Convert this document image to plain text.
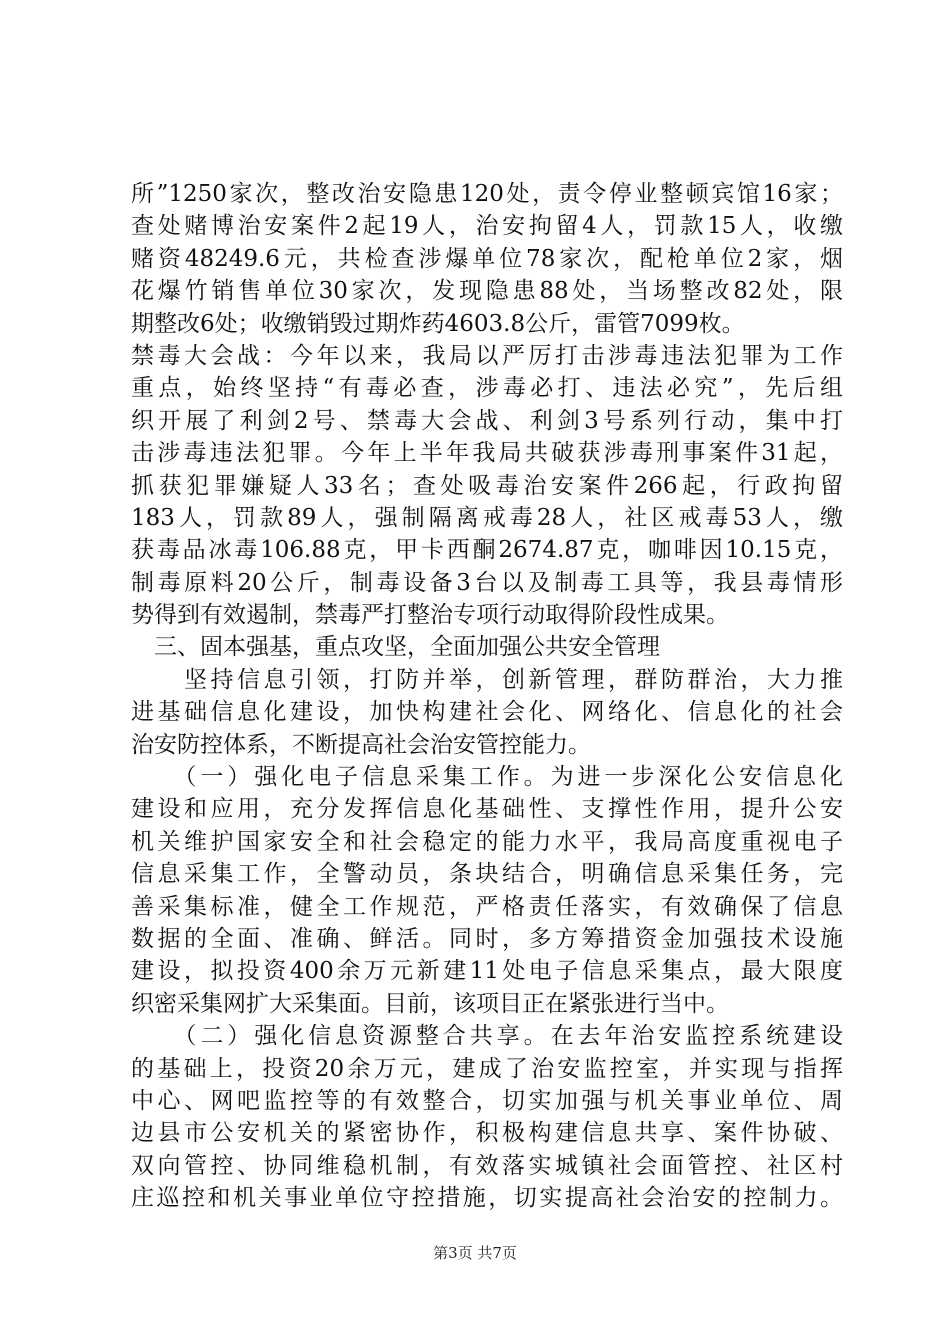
所”1250家次，整改治安隐患120处，责令停业整顿宾馆16家；
查处赌博治安案件2起19人，治安拘留4人，罚款15人，收缴
赌资48249.6元，共检查涉爆单位78家次，配枪单位2家，烟
花爆竹销售单位30家次，发现隐患88处，当场整改82处，限
期整改6处；收缴销毁过期炸药4603.8公斤，雷管7099枚。
禁毒大会战：今年以来，我局以严厉打击涉毒违法犯罪为工作
重点，始终坚持“有毒必查，涉毒必打、违法必究”，先后组
织开展了利剑2号、禁毒大会战、利剑3号系列行动，集中打
击涉毒违法犯罪。今年上半年我局共破获涉毒刑事案件31起，
抓获犯罪嫌疑人33名；查处吸毒治安案件266起，行政拘留
183人，罚款89人，强制隔离戒毒28人，社区戒毒53人，缴
获毒品冰毒106.88克，甲卡西酮2674.87克，咖啡因10.15克，
制毒原料20公斤，制毒设备3台以及制毒工具等，我县毒情形
势得到有效遏制，禁毒严打整治专项行动取得阶段性成果。
　三、固本强基，重点攻坚，全面加强公共安全管理
　　坚持信息引领，打防并举，创新管理，群防群治，大力推
进基础信息化建设，加快构建社会化、网络化、信息化的社会
治安防控体系，不断提高社会治安管控能力。
　　（一）强化电子信息采集工作。为进一步深化公安信息化
建设和应用，充分发挥信息化基础性、支撑性作用，提升公安
机关维护国家安全和社会稳定的能力水平，我局高度重视电子
信息采集工作，全警动员，条块结合，明确信息采集任务，完
善采集标准，健全工作规范，严格责任落实，有效确保了信息
数据的全面、准确、鲜活。同时，多方筹措资金加强技术设施
建设，拟投资400余万元新建11处电子信息采集点，最大限度
织密采集网扩大采集面。目前，该项目正在紧张进行当中。
　　（二）强化信息资源整合共享。在去年治安监控系统建设
的基础上，投资20余万元，建成了治安监控室，并实现与指挥
中心、网吧监控等的有效整合，切实加强与机关事业单位、周
边县市公安机关的紧密协作，积极构建信息共享、案件协破、
双向管控、协同维稳机制，有效落实城镇社会面管控、社区村
庄巡控和机关事业单位守控措施，切实提高社会治安的控制力。
第3页 共7页
